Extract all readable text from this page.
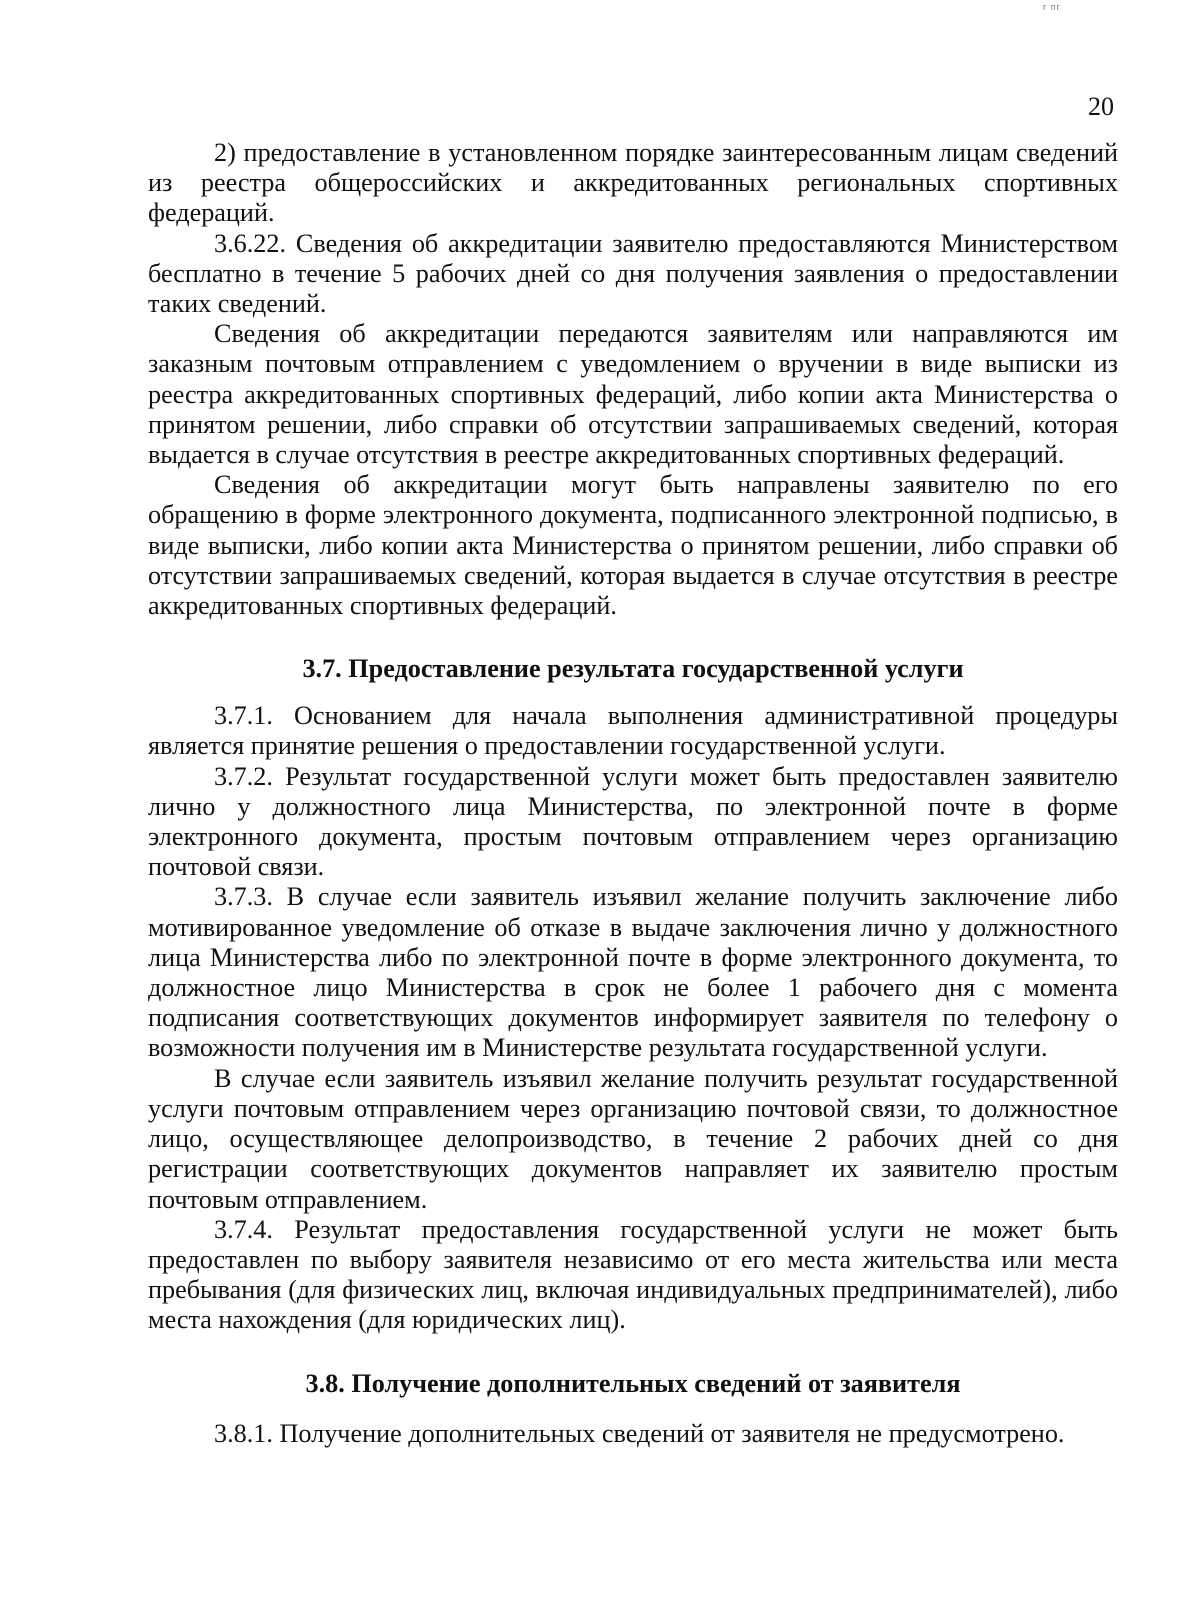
г пг
20

2) предоставление в установленном порядке заинтересованным лицам сведений из реестра общероссийских и аккредитованных региональных спортивных федераций.

3.6.22. Сведения об аккредитации заявителю предоставляются Министерством бесплатно в течение 5 рабочих дней со дня получения заявления о предоставлении таких сведений.

Сведения об аккредитации передаются заявителям или направляются им заказным почтовым отправлением с уведомлением о вручении в виде выписки из реестра аккредитованных спортивных федераций, либо копии акта Министерства о принятом решении, либо справки об отсутствии запрашиваемых сведений, которая выдается в случае отсутствия в реестре аккредитованных спортивных федераций.

Сведения об аккредитации могут быть направлены заявителю по его обращению в форме электронного документа, подписанного электронной подписью, в виде выписки, либо копии акта Министерства о принятом решении, либо справки об отсутствии запрашиваемых сведений, которая выдается в случае отсутствия в реестре аккредитованных спортивных федераций.

3.7. Предоставление результата государственной услуги

3.7.1. Основанием для начала выполнения административной процедуры является принятие решения о предоставлении государственной услуги.

3.7.2. Результат государственной услуги может быть предоставлен заявителю лично у должностного лица Министерства, по электронной почте в форме электронного документа, простым почтовым отправлением через организацию почтовой связи.

3.7.3. В случае если заявитель изъявил желание получить заключение либо мотивированное уведомление об отказе в выдаче заключения лично у должностного лица Министерства либо по электронной почте в форме электронного документа, то должностное лицо Министерства в срок не более 1 рабочего дня с момента подписания соответствующих документов информирует заявителя по телефону о возможности получения им в Министерстве результата государственной услуги.

В случае если заявитель изъявил желание получить результат государственной услуги почтовым отправлением через организацию почтовой связи, то должностное лицо, осуществляющее делопроизводство, в течение 2 рабочих дней со дня регистрации соответствующих документов направляет их заявителю простым почтовым отправлением.

3.7.4. Результат предоставления государственной услуги не может быть предоставлен по выбору заявителя независимо от его места жительства или места пребывания (для физических лиц, включая индивидуальных предпринимателей), либо места нахождения (для юридических лиц).

3.8. Получение дополнительных сведений от заявителя

3.8.1. Получение дополнительных сведений от заявителя не предусмотрено.
